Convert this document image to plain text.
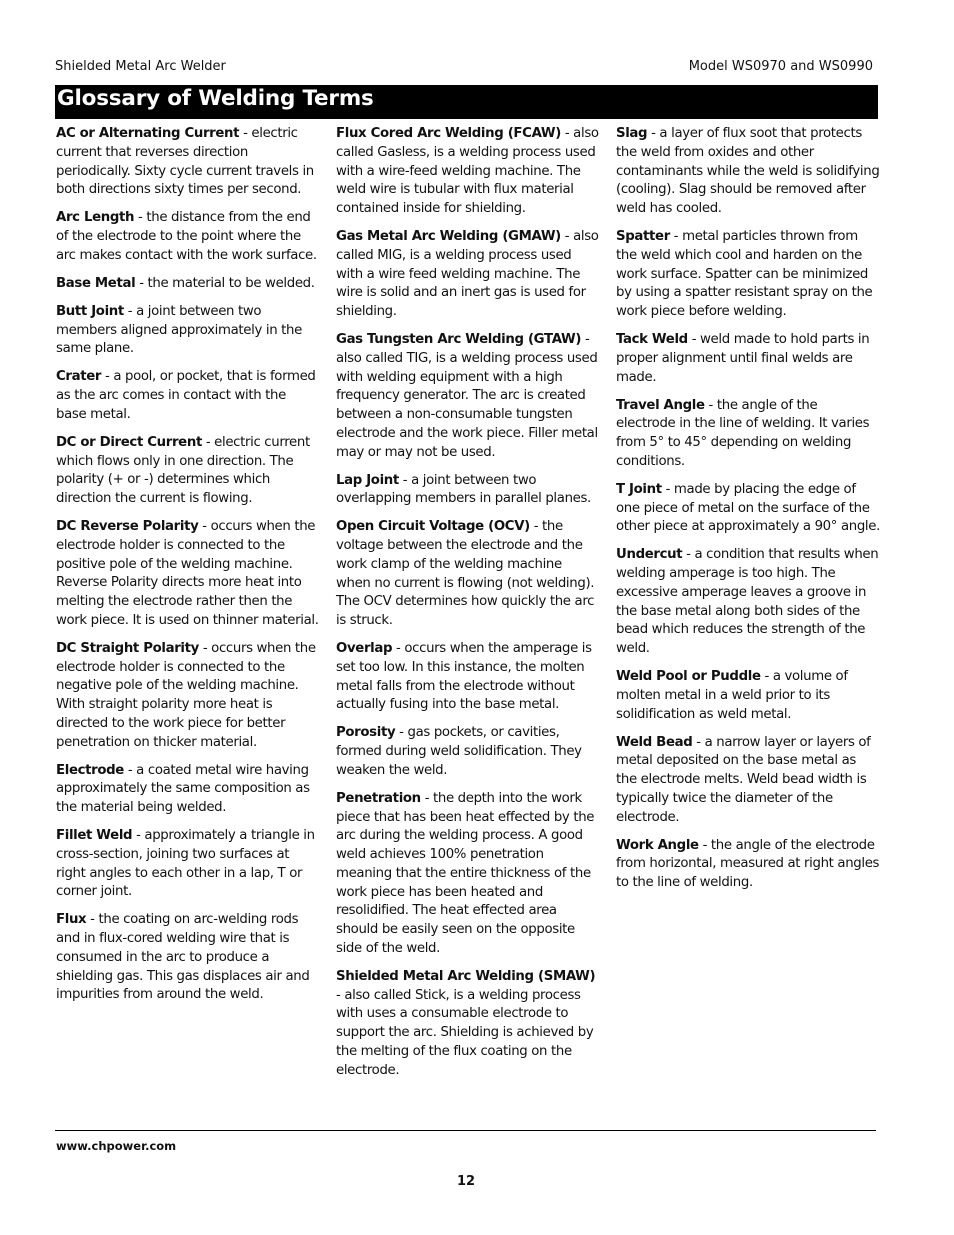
Shielded Metal Arc Welder	Model WS0970 and WS0990
Glossary of Welding Terms

AC or Alternating Current - electric current that reverses direction periodically. Sixty cycle current travels in both directions sixty times per second.

Arc Length - the distance from the end of the electrode to the point where the arc makes contact with the work surface.

Base Metal - the material to be welded.

Butt Joint - a joint between two members aligned approximately in the same plane.

Crater - a pool, or pocket, that is formed as the arc comes in contact with the base metal.

DC or Direct Current - electric current which flows only in one direction. The polarity (+ or -) determines which direction the current is flowing.

DC Reverse Polarity - occurs when the electrode holder is connected to the positive pole of the welding machine. Reverse Polarity directs more heat into melting the electrode rather then the work piece. It is used on thinner material.

DC Straight Polarity - occurs when the electrode holder is connected to the negative pole of the welding machine. With straight polarity more heat is directed to the work piece for better penetration on thicker material.

Electrode - a coated metal wire having approximately the same composition as the material being welded.

Fillet Weld - approximately a triangle in cross-section, joining two surfaces at right angles to each other in a lap, T or corner joint.

Flux - the coating on arc-welding rods and in flux-cored welding wire that is consumed in the arc to produce a shielding gas. This gas displaces air and impurities from around the weld.

Flux Cored Arc Welding (FCAW) - also called Gasless, is a welding process used with a wire-feed welding machine. The weld wire is tubular with flux material contained inside for shielding.

Gas Metal Arc Welding (GMAW) - also called MIG, is a welding process used with a wire feed welding machine. The wire is solid and an inert gas is used for shielding.

Gas Tungsten Arc Welding (GTAW) - also called TIG, is a welding process used with welding equipment with a high frequency generator. The arc is created between a non-consumable tungsten electrode and the work piece. Filler metal may or may not be used.

Lap Joint - a joint between two overlapping members in parallel planes.

Open Circuit Voltage (OCV) - the voltage between the electrode and the work clamp of the welding machine when no current is flowing (not welding). The OCV determines how quickly the arc is struck.

Overlap - occurs when the amperage is set too low. In this instance, the molten metal falls from the electrode without actually fusing into the base metal.

Porosity - gas pockets, or cavities, formed during weld solidification. They weaken the weld.

Penetration - the depth into the work piece that has been heat effected by the arc during the welding process. A good weld achieves 100% penetration meaning that the entire thickness of the work piece has been heated and resolidified. The heat effected area should be easily seen on the opposite side of the weld.

Shielded Metal Arc Welding (SMAW) - also called Stick, is a welding process with uses a consumable electrode to support the arc. Shielding is achieved by the melting of the flux coating on the electrode.

Slag - a layer of flux soot that protects the weld from oxides and other contaminants while the weld is solidifying (cooling). Slag should be removed after weld has cooled.

Spatter - metal particles thrown from the weld which cool and harden on the work surface. Spatter can be minimized by using a spatter resistant spray on the work piece before welding.

Tack Weld - weld made to hold parts in proper alignment until final welds are made.

Travel Angle - the angle of the electrode in the line of welding. It varies from 5° to 45° depending on welding conditions.

T Joint - made by placing the edge of one piece of metal on the surface of the other piece at approximately a 90° angle.

Undercut - a condition that results when welding amperage is too high. The excessive amperage leaves a groove in the base metal along both sides of the bead which reduces the strength of the weld.

Weld Pool or Puddle - a volume of molten metal in a weld prior to its solidification as weld metal.

Weld Bead - a narrow layer or layers of metal deposited on the base metal as the electrode melts. Weld bead width is typically twice the diameter of the electrode.

Work Angle - the angle of the electrode from horizontal, measured at right angles to the line of welding.

www.chpower.com
12
